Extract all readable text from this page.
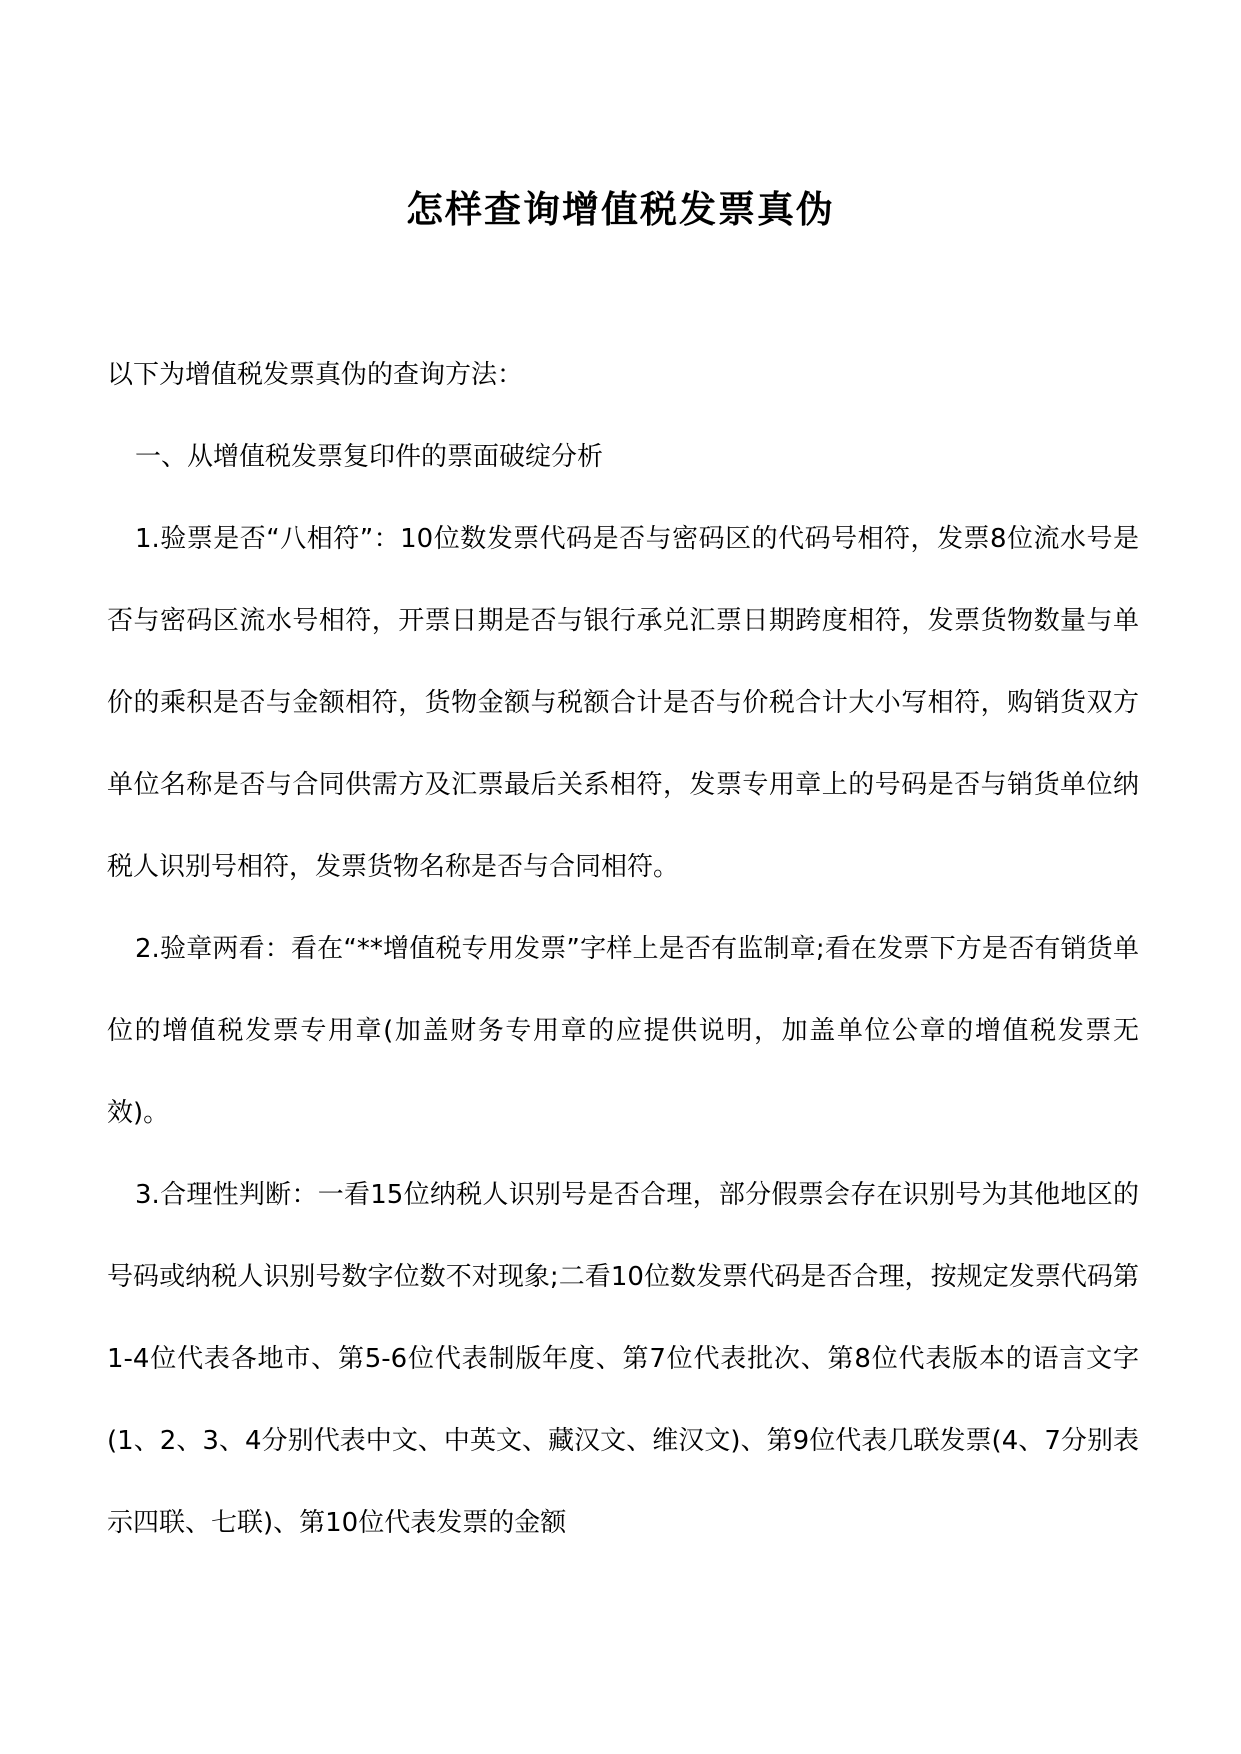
怎样查询增值税发票真伪

以下为增值税发票真伪的查询方法：

一、从增值税发票复印件的票面破绽分析

1.验票是否“八相符”：10位数发票代码是否与密码区的代码号相符，发票8位流水号是否与密码区流水号相符，开票日期是否与银行承兑汇票日期跨度相符，发票货物数量与单价的乘积是否与金额相符，货物金额与税额合计是否与价税合计大小写相符，购销货双方单位名称是否与合同供需方及汇票最后关系相符，发票专用章上的号码是否与销货单位纳税人识别号相符，发票货物名称是否与合同相符。

2.验章两看：看在“**增值税专用发票”字样上是否有监制章;看在发票下方是否有销货单位的增值税发票专用章(加盖财务专用章的应提供说明，加盖单位公章的增值税发票无效)。

3.合理性判断：一看15位纳税人识别号是否合理，部分假票会存在识别号为其他地区的号码或纳税人识别号数字位数不对现象;二看10位数发票代码是否合理，按规定发票代码第1-4位代表各地市、第5-6位代表制版年度、第7位代表批次、第8位代表版本的语言文字(1、2、3、4分别代表中文、中英文、藏汉文、维汉文)、第9位代表几联发票(4、7分别表示四联、七联)、第10位代表发票的金额
